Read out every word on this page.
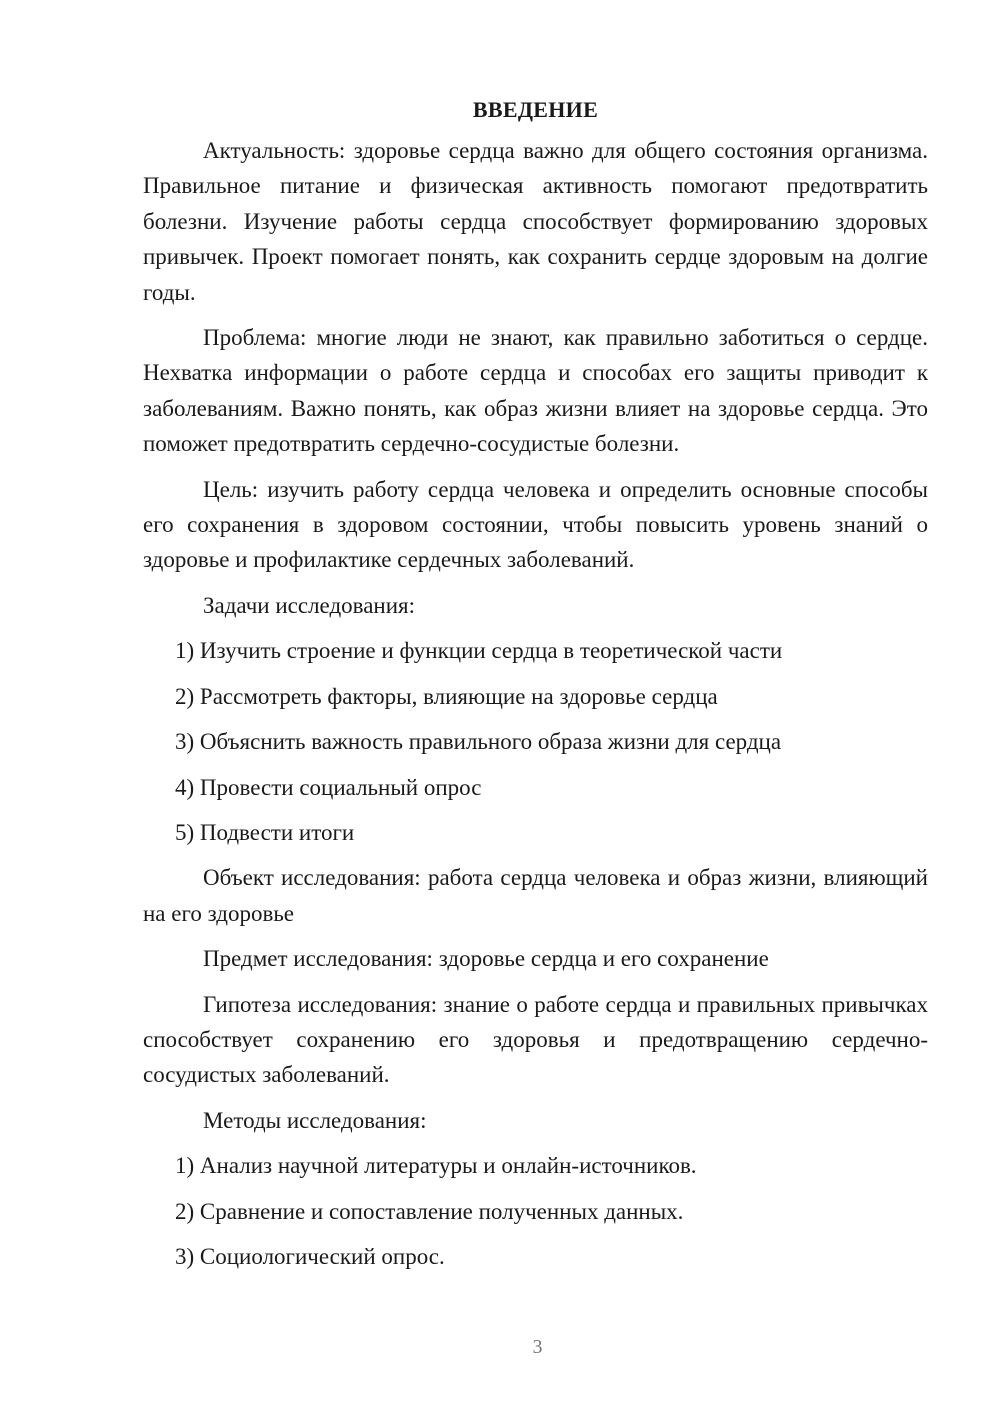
ВВЕДЕНИЕ

Актуальность: здоровье сердца важно для общего состояния организма. Правильное питание и физическая активность помогают предотвратить болезни. Изучение работы сердца способствует формированию здоровых привычек. Проект помогает понять, как сохранить сердце здоровым на долгие годы.

Проблема: многие люди не знают, как правильно заботиться о сердце. Нехватка информации о работе сердца и способах его защиты приводит к заболеваниям. Важно понять, как образ жизни влияет на здоровье сердца. Это поможет предотвратить сердечно-сосудистые болезни.

Цель: изучить работу сердца человека и определить основные способы его сохранения в здоровом состоянии, чтобы повысить уровень знаний о здоровье и профилактике сердечных заболеваний.

Задачи исследования:

1) Изучить строение и функции сердца в теоретической части
2) Рассмотреть факторы, влияющие на здоровье сердца
3) Объяснить важность правильного образа жизни для сердца
4) Провести социальный опрос
5) Подвести итоги

Объект исследования: работа сердца человека и образ жизни, влияющий на его здоровье

Предмет исследования: здоровье сердца и его сохранение

Гипотеза исследования: знание о работе сердца и правильных привычках способствует сохранению его здоровья и предотвращению сердечно-сосудистых заболеваний.

Методы исследования:

1) Анализ научной литературы и онлайн-источников.
2) Сравнение и сопоставление полученных данных.
3) Социологический опрос.
3
